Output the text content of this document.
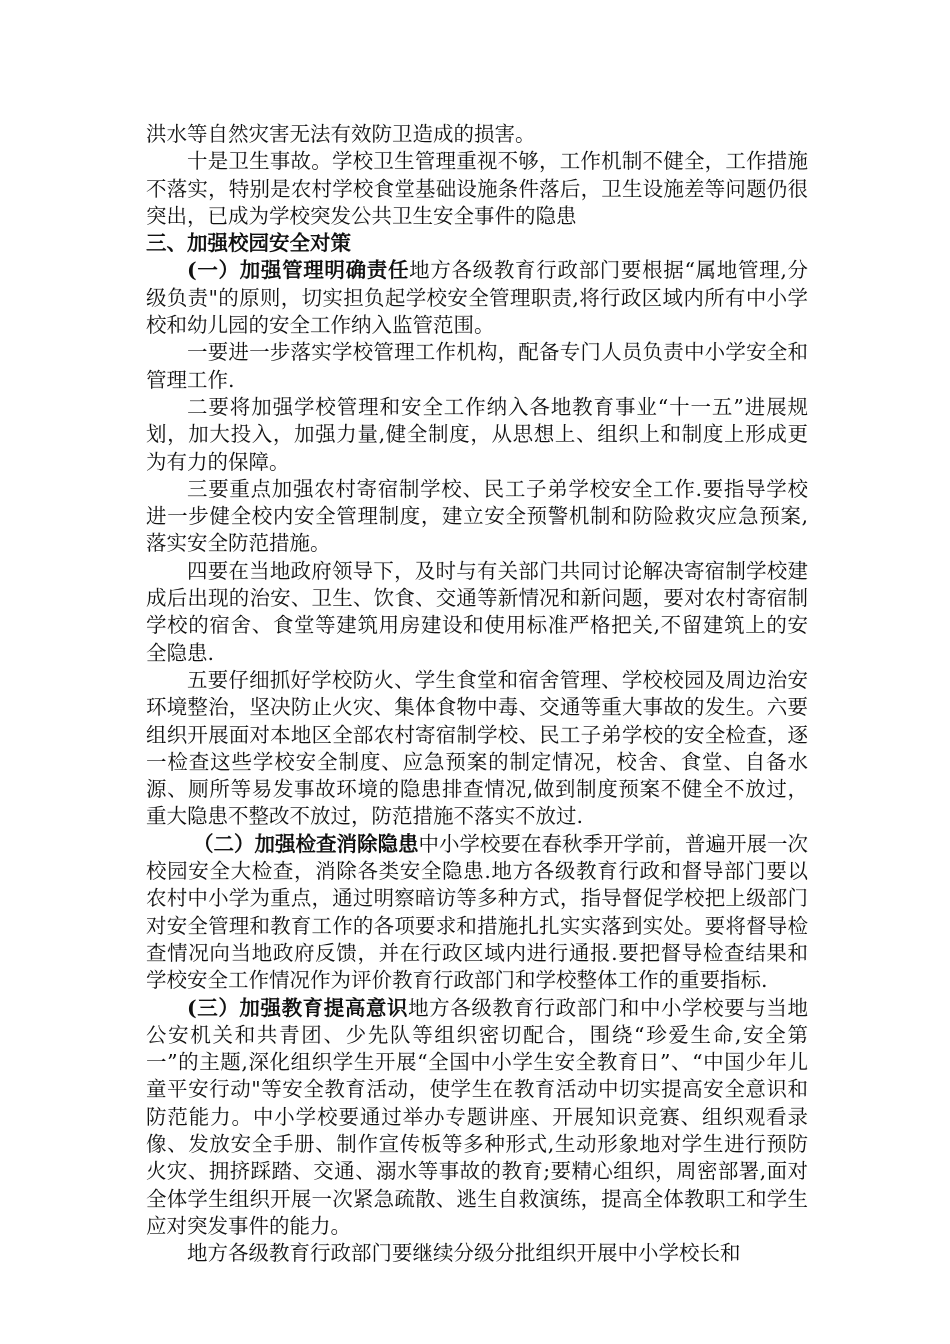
洪水等自然灾害无法有效防卫造成的损害。

十是卫生事故。学校卫生管理重视不够，工作机制不健全，工作措施不落实，特别是农村学校食堂基础设施条件落后，卫生设施差等问题仍很突出，已成为学校突发公共卫生安全事件的隐患

三、加强校园安全对策

(一）加强管理明确责任地方各级教育行政部门要根据“属地管理,分级负责"的原则，切实担负起学校安全管理职责,将行政区域内所有中小学校和幼儿园的安全工作纳入监管范围。

一要进一步落实学校管理工作机构，配备专门人员负责中小学安全和管理工作.

二要将加强学校管理和安全工作纳入各地教育事业“十一五”进展规划，加大投入，加强力量,健全制度，从思想上、组织上和制度上形成更为有力的保障。

三要重点加强农村寄宿制学校、民工子弟学校安全工作.要指导学校进一步健全校内安全管理制度，建立安全预警机制和防险救灾应急预案,落实安全防范措施。

四要在当地政府领导下，及时与有关部门共同讨论解决寄宿制学校建成后出现的治安、卫生、饮食、交通等新情况和新问题，要对农村寄宿制学校的宿舍、食堂等建筑用房建设和使用标准严格把关,不留建筑上的安全隐患.

五要仔细抓好学校防火、学生食堂和宿舍管理、学校校园及周边治安环境整治，坚决防止火灾、集体食物中毒、交通等重大事故的发生。六要组织开展面对本地区全部农村寄宿制学校、民工子弟学校的安全检查，逐一检查这些学校安全制度、应急预案的制定情况，校舍、食堂、自备水源、厕所等易发事故环境的隐患排查情况,做到制度预案不健全不放过，重大隐患不整改不放过，防范措施不落实不放过.

（二）加强检查消除隐患中小学校要在春秋季开学前，普遍开展一次校园安全大检查，消除各类安全隐患.地方各级教育行政和督导部门要以农村中小学为重点，通过明察暗访等多种方式，指导督促学校把上级部门对安全管理和教育工作的各项要求和措施扎扎实实落到实处。要将督导检查情况向当地政府反馈，并在行政区域内进行通报.要把督导检查结果和学校安全工作情况作为评价教育行政部门和学校整体工作的重要指标.

(三）加强教育提高意识地方各级教育行政部门和中小学校要与当地公安机关和共青团、少先队等组织密切配合，围绕“珍爱生命,安全第一”的主题,深化组织学生开展“全国中小学生安全教育日”、“中国少年儿童平安行动"等安全教育活动，使学生在教育活动中切实提高安全意识和防范能力。中小学校要通过举办专题讲座、开展知识竞赛、组织观看录像、发放安全手册、制作宣传板等多种形式,生动形象地对学生进行预防火灾、拥挤踩踏、交通、溺水等事故的教育;要精心组织，周密部署,面对全体学生组织开展一次紧急疏散、逃生自救演练，提高全体教职工和学生应对突发事件的能力。

地方各级教育行政部门要继续分级分批组织开展中小学校长和
